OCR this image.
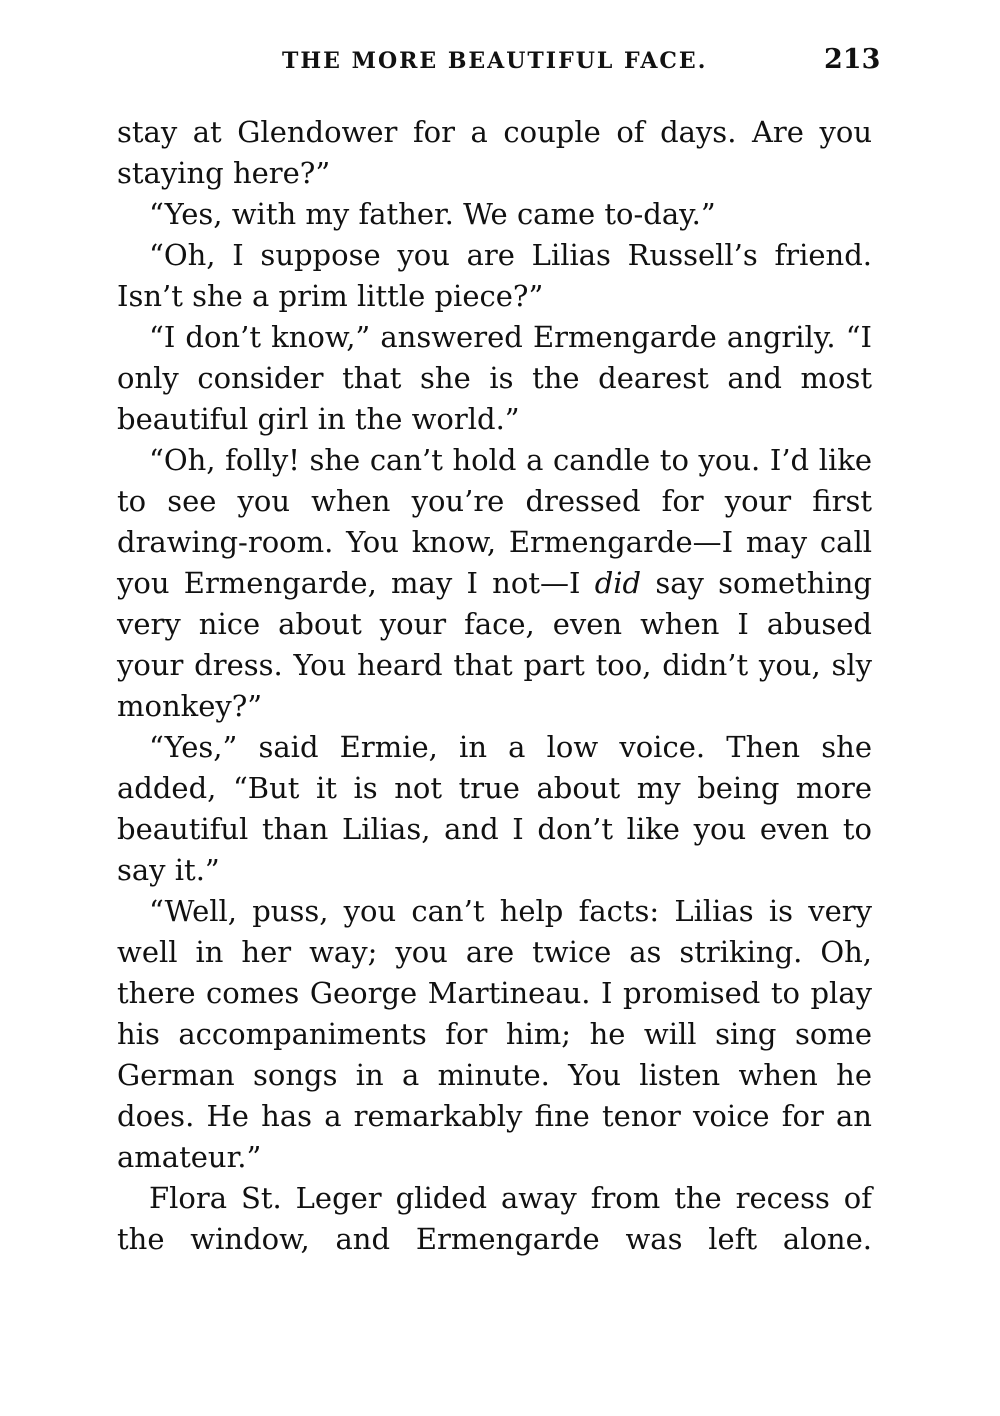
THE MORE BEAUTIFUL FACE.	213

stay at Glendower for a couple of days. Are you staying here?”

“Yes, with my father. We came to-day.”

“Oh, I suppose you are Lilias Russell’s friend. Isn’t she a prim little piece?”

“I don’t know,” answered Ermengarde angrily. “I only consider that she is the dearest and most beautiful girl in the world.”

“Oh, folly! she can’t hold a candle to you. I’d like to see you when you’re dressed for your first drawing-room. You know, Ermengarde—I may call you Ermengarde, may I not—I did say something very nice about your face, even when I abused your dress. You heard that part too, didn’t you, sly monkey?”

“Yes,” said Ermie, in a low voice. Then she added, “But it is not true about my being more beautiful than Lilias, and I don’t like you even to say it.”

“Well, puss, you can’t help facts: Lilias is very well in her way; you are twice as striking. Oh, there comes George Martineau. I promised to play his accompaniments for him; he will sing some German songs in a minute. You listen when he does. He has a remarkably fine tenor voice for an amateur.”

Flora St. Leger glided away from the recess of the window, and Ermengarde was left alone.
